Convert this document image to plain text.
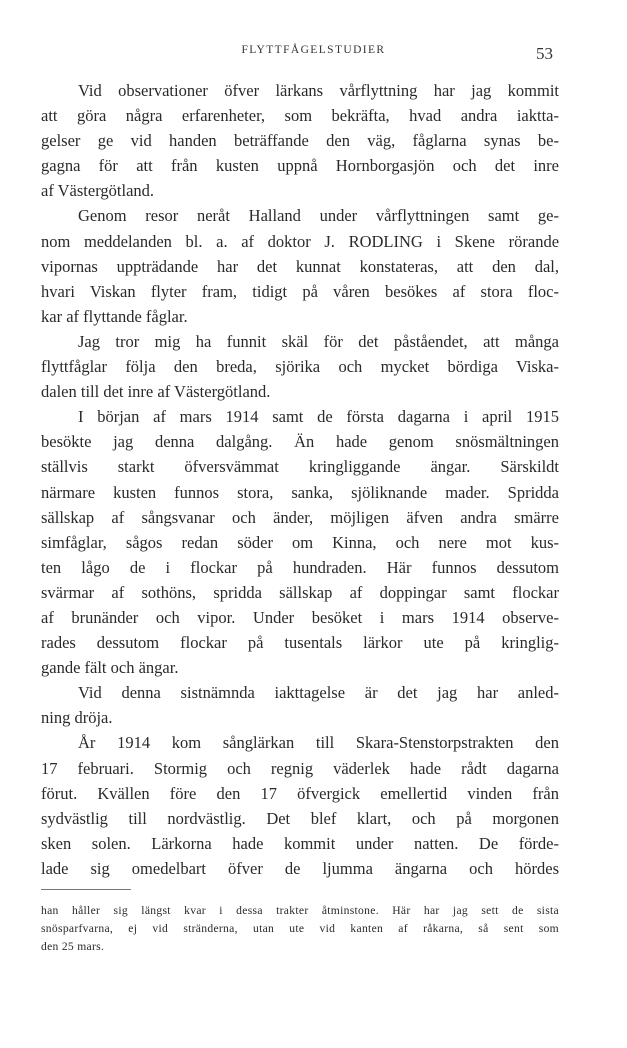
FLYTTFÅGELSTUDIER	53
Vid observationer öfver lärkans vårflyttning har jag kommit
att göra några erfarenheter, som bekräfta, hvad andra iaktta-
gelser ge vid handen beträffande den väg, fåglarna synas be-
gagna för att från kusten uppnå Hornborgasjön och det inre
af Västergötland.
Genom resor neråt Halland under vårflyttningen samt ge-
nom meddelanden bl. a. af doktor J. RODLING i Skene rörande
vipornas uppträdande har det kunnat konstateras, att den dal,
hvari Viskan flyter fram, tidigt på våren besökes af stora floc-
kar af flyttande fåglar.
Jag tror mig ha funnit skäl för det påståendet, att många
flyttfåglar följa den breda, sjörika och mycket bördiga Viska-
dalen till det inre af Västergötland.
I början af mars 1914 samt de första dagarna i april 1915
besökte jag denna dalgång. Än hade genom snösmältningen
ställvis starkt öfversvämmat kringliggande ängar. Särskildt
närmare kusten funnos stora, sanka, sjöliknande mader. Spridda
sällskap af sångsvanar och änder, möjligen äfven andra smärre
simfåglar, sågos redan söder om Kinna, och nere mot kus-
ten lågo de i flockar på hundraden. Här funnos dessutom
svärmar af sothöns, spridda sällskap af doppingar samt flockar
af brunänder och vipor. Under besöket i mars 1914 observe-
rades dessutom flockar på tusentals lärkor ute på kringlig-
gande fält och ängar.
Vid denna sistnämnda iakttagelse är det jag har anled-
ning dröja.
År 1914 kom sånglärkan till Skara-Stenstorpstrakten den
17 februari. Stormig och regnig väderlek hade rådt dagarna
förut. Kvällen före den 17 öfvergick emellertid vinden från
sydvästlig till nordvästlig. Det blef klart, och på morgonen
sken solen. Lärkorna hade kommit under natten. De förde-
lade sig omedelbart öfver de ljumma ängarna och hördes
han håller sig längst kvar i dessa trakter åtminstone. Här har jag sett de sista
snösparfvarna, ej vid stränderna, utan ute vid kanten af råkarna, så sent som
den 25 mars.
